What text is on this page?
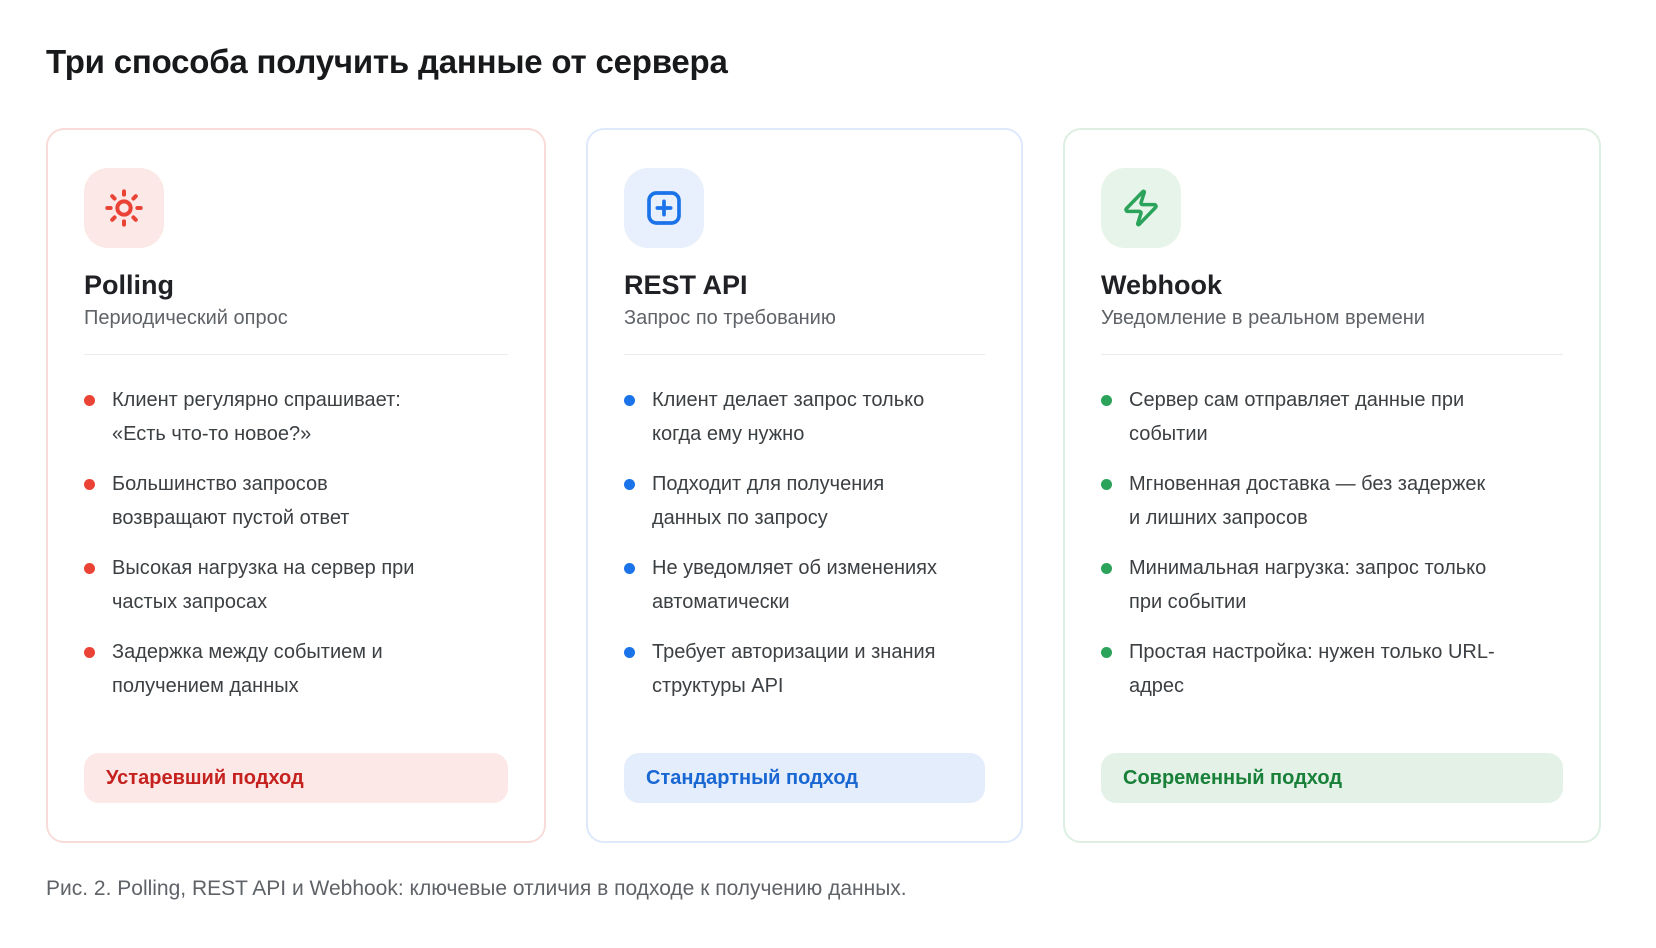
Три способа получить данные от сервера
Polling

Периодический опрос

Клиент регулярно спрашивает:
«Есть что-то новое?»
Большинство запросов
возвращают пустой ответ
Высокая нагрузка на сервер при
частых запросах
Задержка между событием и
получением данных
Устаревший подход
REST API

Запрос по требованию

Клиент делает запрос только
когда ему нужно
Подходит для получения
данных по запросу
Не уведомляет об изменениях
автоматически
Требует авторизации и знания
структуры API
Стандартный подход
Webhook

Уведомление в реальном времени

Сервер сам отправляет данные при
событии
Мгновенная доставка — без задержек
и лишних запросов
Минимальная нагрузка: запрос только
при событии
Простая настройка: нужен только URL-
адрес
Современный подход

Рис. 2. Polling, REST API и Webhook: ключевые отличия в подходе к получению данных.
